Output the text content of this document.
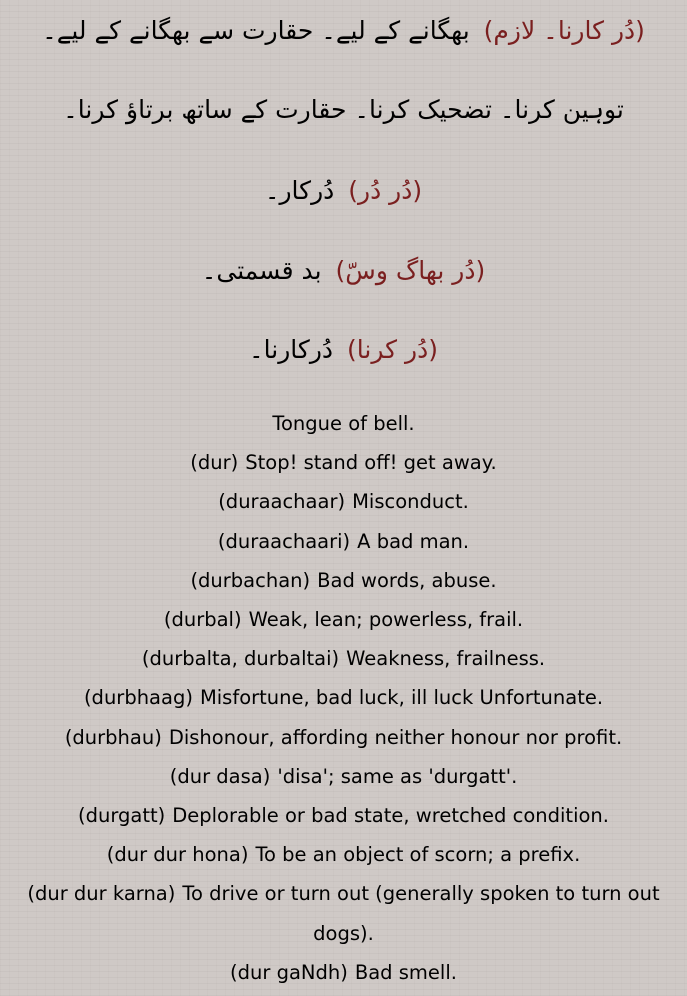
(دُر کارنا۔ لازم)بھگانے کے لیے۔ حقارت سے بھگانے کے لیے۔
توہین کرنا۔ تضحیک کرنا۔ حقارت کے ساتھ برتاؤ کرنا۔
(دُر دُر)دُرکار۔
(دُر بھاگ وسّ)بد قسمتی۔
(دُر کرنا)دُرکارنا۔
Tongue of bell.
(dur) Stop! stand off! get away.
(duraachaar) Misconduct.
(duraachaari) A bad man.
(durbachan) Bad words, abuse.
(durbal) Weak, lean; powerless, frail.
(durbalta, durbaltai) Weakness, frailness.
(durbhaag) Misfortune, bad luck, ill luck Unfortunate.
(durbhau) Dishonour, affording neither honour nor profit.
(dur dasa) 'disa'; same as 'durgatt'.
(durgatt) Deplorable or bad state, wretched condition.
(dur dur hona) To be an object of scorn; a prefix.
(dur dur karna) To drive or turn out (generally spoken to turn out dogs).
(dur gaNdh) Bad smell.
